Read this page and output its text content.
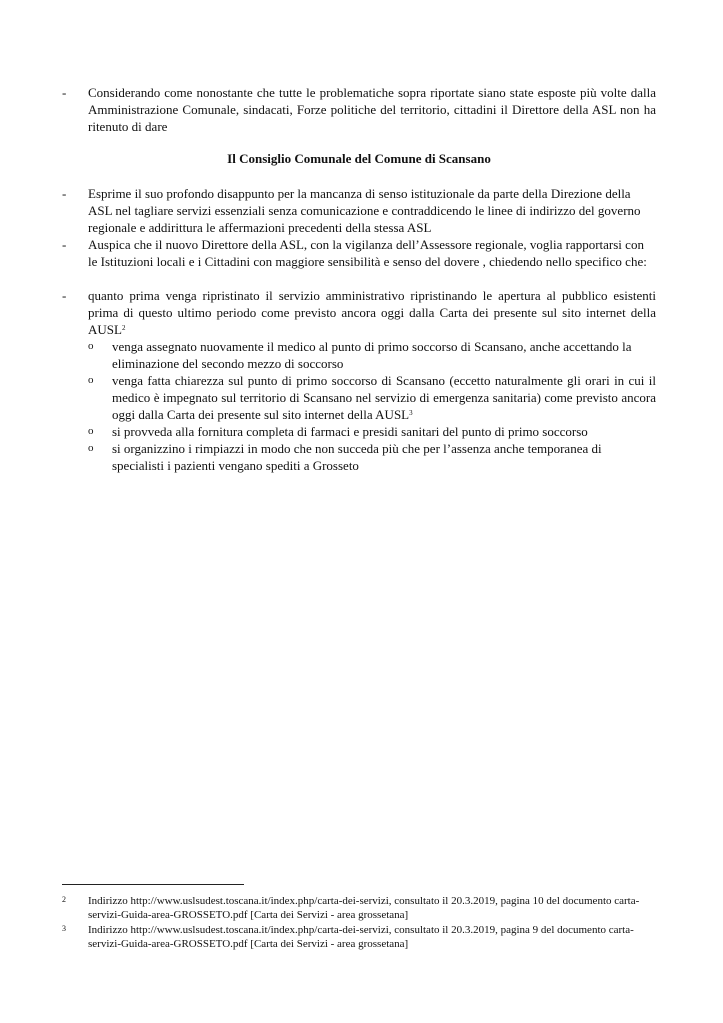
-	Considerando come nonostante che tutte le problematiche sopra riportate siano state esposte più volte dalla Amministrazione Comunale, sindacati, Forze politiche del territorio, cittadini il Direttore della ASL non ha ritenuto di dare
Il Consiglio Comunale del Comune di Scansano
-	Esprime il suo profondo disappunto per la mancanza di senso istituzionale da parte della Direzione della ASL nel tagliare servizi essenziali senza comunicazione e contraddicendo le linee di indirizzo del governo regionale e addirittura le affermazioni precedenti della stessa ASL
-	Auspica che il nuovo Direttore della ASL, con la vigilanza dell’Assessore regionale, voglia rapportarsi con le Istituzioni locali e i Cittadini con maggiore sensibilità e senso del dovere , chiedendo nello specifico che:
-	quanto prima venga ripristinato il servizio amministrativo ripristinando le apertura al pubblico esistenti prima di questo ultimo periodo come previsto ancora oggi dalla Carta dei presente sul sito internet della AUSL$^2$
o	venga assegnato nuovamente il medico al punto di primo soccorso di Scansano, anche accettando la eliminazione del secondo mezzo di soccorso
o	venga fatta chiarezza sul punto di primo soccorso di Scansano (eccetto naturalmente gli orari in cui il medico è impegnato sul territorio di Scansano nel servizio di emergenza sanitaria) come previsto ancora oggi dalla Carta dei presente sul sito internet della AUSL$^3$
o	si provveda alla fornitura completa di farmaci e presidi sanitari del punto di primo soccorso
o	si organizzino i rimpiazzi in modo che non succeda più che per l’assenza anche temporanea di specialisti i pazienti vengano spediti a Grosseto
2 Indirizzo http://www.uslsudest.toscana.it/index.php/carta-dei-servizi, consultato il 20.3.2019, pagina 10 del documento carta-servizi-Guida-area-GROSSETO.pdf [Carta dei Servizi - area grossetana]
3 Indirizzo http://www.uslsudest.toscana.it/index.php/carta-dei-servizi, consultato il 20.3.2019, pagina 9 del documento carta-servizi-Guida-area-GROSSETO.pdf [Carta dei Servizi - area grossetana]
